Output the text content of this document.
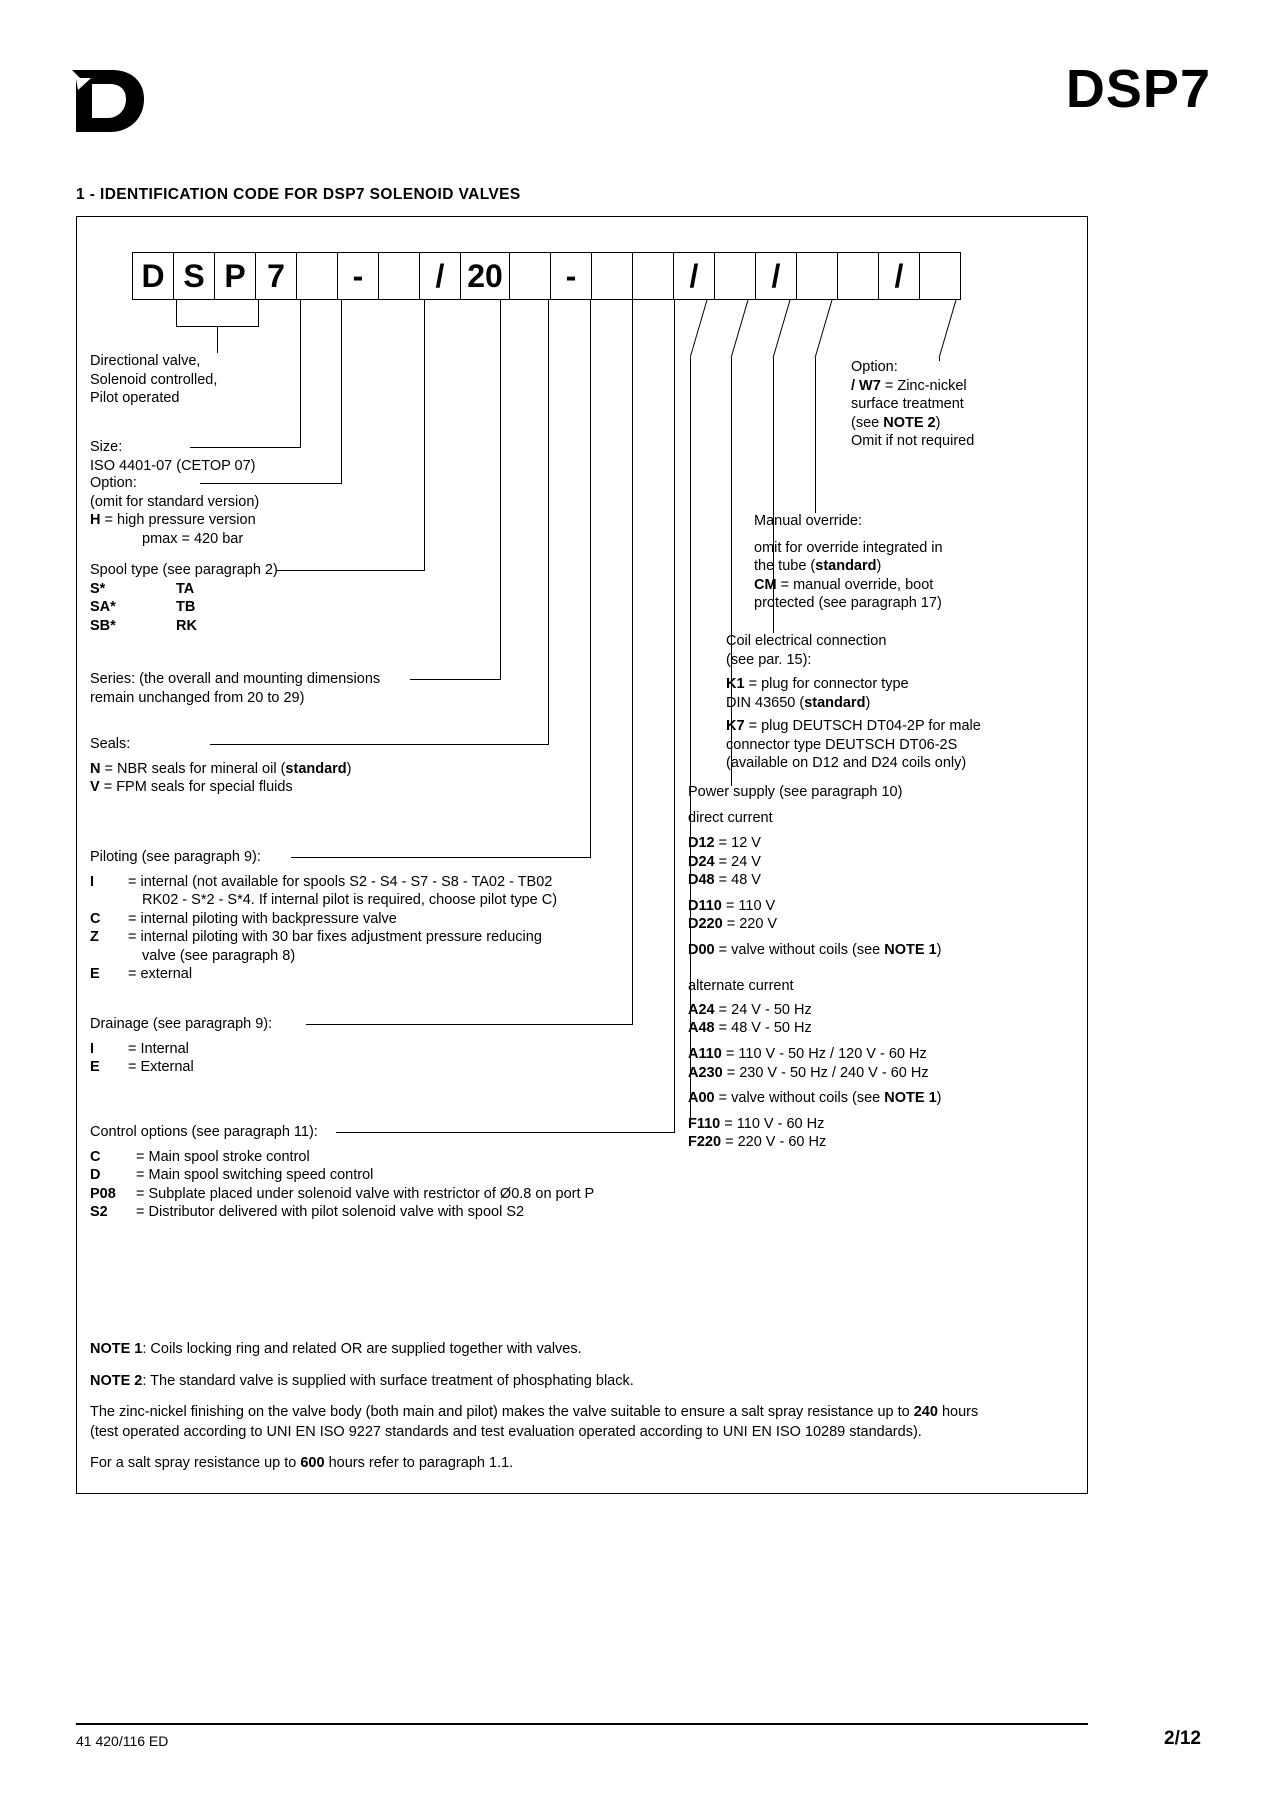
DSP7
1 - IDENTIFICATION CODE FOR DSP7 SOLENOID VALVES
D S P 7	-	/ 20	-	/	/	/
Directional valve,
Solenoid controlled,
Pilot operated
Size:
ISO 4401-07 (CETOP 07)
Option:
(omit for standard version)
H = high pressure version
pmax = 420 bar
Spool type (see paragraph 2)
S*	TA
SA*	TB
SB*	RK
Series: (the overall and mounting dimensions
remain unchanged from 20 to 29)
Seals:
N = NBR seals for mineral oil (standard)
V = FPM seals for special fluids
Piloting (see paragraph 9):
I	= internal (not available for spools S2 - S4 - S7 - S8 - TA02 - TB02
RK02 - S*2 - S*4. If internal pilot is required, choose pilot type C)
C	= internal piloting with backpressure valve
Z	= internal piloting with 30 bar fixes adjustment pressure reducing
valve (see paragraph 8)
E	= external
Drainage (see paragraph 9):
I	= Internal
E	= External
Control options (see paragraph 11):
C	= Main spool stroke control
D	= Main spool switching speed control
P08	= Subplate placed under solenoid valve with restrictor of Ø0.8 on port P
S2	= Distributor delivered with pilot solenoid valve with spool S2
Option:
/ W7 = Zinc-nickel
surface treatment
(see NOTE 2)
Omit if not required
Manual override:
omit for override integrated in
the tube (standard)
CM = manual override, boot
protected (see paragraph 17)
Coil electrical connection
(see par. 15):
K1 = plug for connector type
DIN 43650 (standard)
K7 = plug DEUTSCH DT04-2P for male
connector type DEUTSCH DT06-2S
(available on D12 and D24 coils only)
Power supply (see paragraph 10)
direct current
D12 = 12 V
D24 = 24 V
D48 = 48 V
D110 = 110 V
D220 = 220 V
D00 = valve without coils (see NOTE 1)
alternate current
A24 = 24 V - 50 Hz
A48 = 48 V - 50 Hz
A110 = 110 V - 50 Hz / 120 V - 60 Hz
A230 = 230 V - 50 Hz / 240 V - 60 Hz
A00 = valve without coils (see NOTE 1)
F110 = 110 V - 60 Hz
F220 = 220 V - 60 Hz

NOTE 1: Coils locking ring and related OR are supplied together with valves.

NOTE 2: The standard valve is supplied with surface treatment of phosphating black.

The zinc-nickel finishing on the valve body (both main and pilot) makes the valve suitable to ensure a salt spray resistance up to 240 hours
(test operated according to UNI EN ISO 9227 standards and test evaluation operated according to UNI EN ISO 10289 standards).

For a salt spray resistance up to 600 hours refer to paragraph 1.1.

41 420/116 ED	2/12
